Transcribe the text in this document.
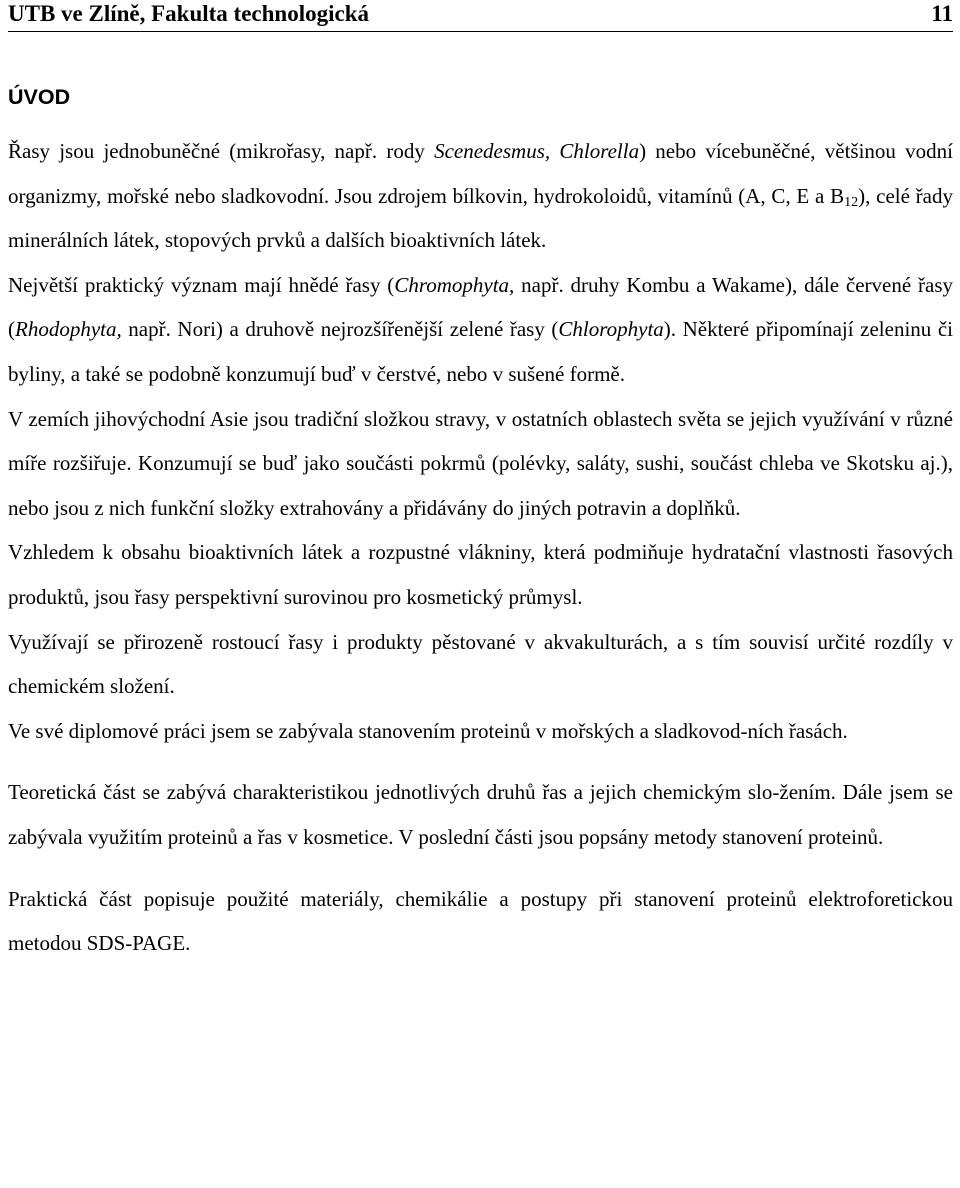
UTB ve Zlíně, Fakulta technologická	11
ÚVOD

Řasy jsou jednobuněčné (mikrořasy, např. rody Scenedesmus, Chlorella) nebo vícebuněčné, většinou vodní organizmy, mořské nebo sladkovodní. Jsou zdrojem bílkovin, hydrokoloidů, vitamínů (A, C, E a $B_{12}$), celé řady minerálních látek, stopových prvků a dalších bioaktivních látek.

Největší praktický význam mají hnědé řasy (Chromophyta, např. druhy Kombu a Wakame), dále červené řasy (Rhodophyta, např. Nori) a druhově nejrozšířenější zelené řasy (Chlorophyta). Některé připomínají zeleninu či byliny, a také se podobně konzumují buď v čerstvé, nebo v sušené formě.

V zemích jihovýchodní Asie jsou tradiční složkou stravy, v ostatních oblastech světa se jejich využívání v různé míře rozšiřuje. Konzumují se buď jako součásti pokrmů (polévky, saláty, sushi, součást chleba ve Skotsku aj.), nebo jsou z nich funkční složky extrahovány a přidávány do jiných potravin a doplňků.

Vzhledem k obsahu bioaktivních látek a rozpustné vlákniny, která podmiňuje hydratační vlastnosti řasových produktů, jsou řasy perspektivní surovinou pro kosmetický průmysl.

Využívají se přirozeně rostoucí řasy i produkty pěstované v akvakulturách, a s tím souvisí určité rozdíly v chemickém složení.

Ve své diplomové práci jsem se zabývala stanovením proteinů v mořských a sladkovod-ních řasách.

Teoretická část se zabývá charakteristikou jednotlivých druhů řas a jejich chemickým slo-žením. Dále jsem se zabývala využitím proteinů a řas v kosmetice. V poslední části jsou popsány metody stanovení proteinů.

Praktická část popisuje použité materiály, chemikálie a postupy při stanovení proteinů elektroforetickou metodou SDS-PAGE.
